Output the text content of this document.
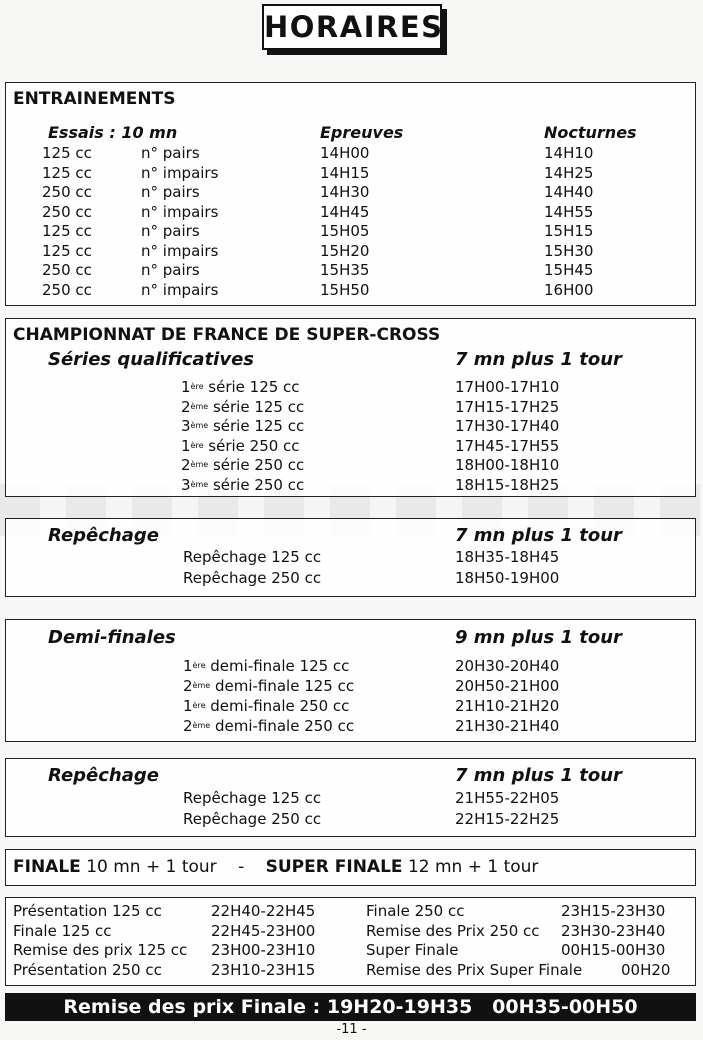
HORAIRES
ENTRAINEMENTS
Essais : 10 mn	Epreuves	Nocturnes
125 cc	n° pairs	14H00	14H10
125 cc	n° impairs	14H15	14H25
250 cc	n° pairs	14H30	14H40
250 cc	n° impairs	14H45	14H55
125 cc	n° pairs	15H05	15H15
125 cc	n° impairs	15H20	15H30
250 cc	n° pairs	15H35	15H45
250 cc	n° impairs	15H50	16H00
CHAMPIONNAT DE FRANCE DE SUPER-CROSS
Séries qualificatives	7 mn plus 1 tour
1ère série 125 cc	17H00-17H10
2ème série 125 cc	17H15-17H25
3ème série 125 cc	17H30-17H40
1ère série 250 cc	17H45-17H55
2ème série 250 cc	18H00-18H10
3ème série 250 cc	18H15-18H25
Repêchage	7 mn plus 1 tour
Repêchage 125 cc	18H35-18H45
Repêchage 250 cc	18H50-19H00
Demi-finales	9 mn plus 1 tour
1ère demi-finale 125 cc	20H30-20H40
2ème demi-finale 125 cc	20H50-21H00
1ère demi-finale 250 cc	21H10-21H20
2ème demi-finale 250 cc	21H30-21H40
Repêchage	7 mn plus 1 tour
Repêchage 125 cc	21H55-22H05
Repêchage 250 cc	22H15-22H25
FINALE 10 mn + 1 tour - SUPER FINALE 12 mn + 1 tour
Présentation 125 cc	22H40-22H45
Finale 125 cc	22H45-23H00
Remise des prix 125 cc 23H00-23H10
Présentation 250 cc	23H10-23H15
Finale 250 cc	23H15-23H30
Remise des Prix 250 cc 23H30-23H40
Super Finale	00H15-00H30
Remise des Prix Super Finale	00H20
Remise des prix Finale : 19H20-19H35   00H35-00H50
-11 -
